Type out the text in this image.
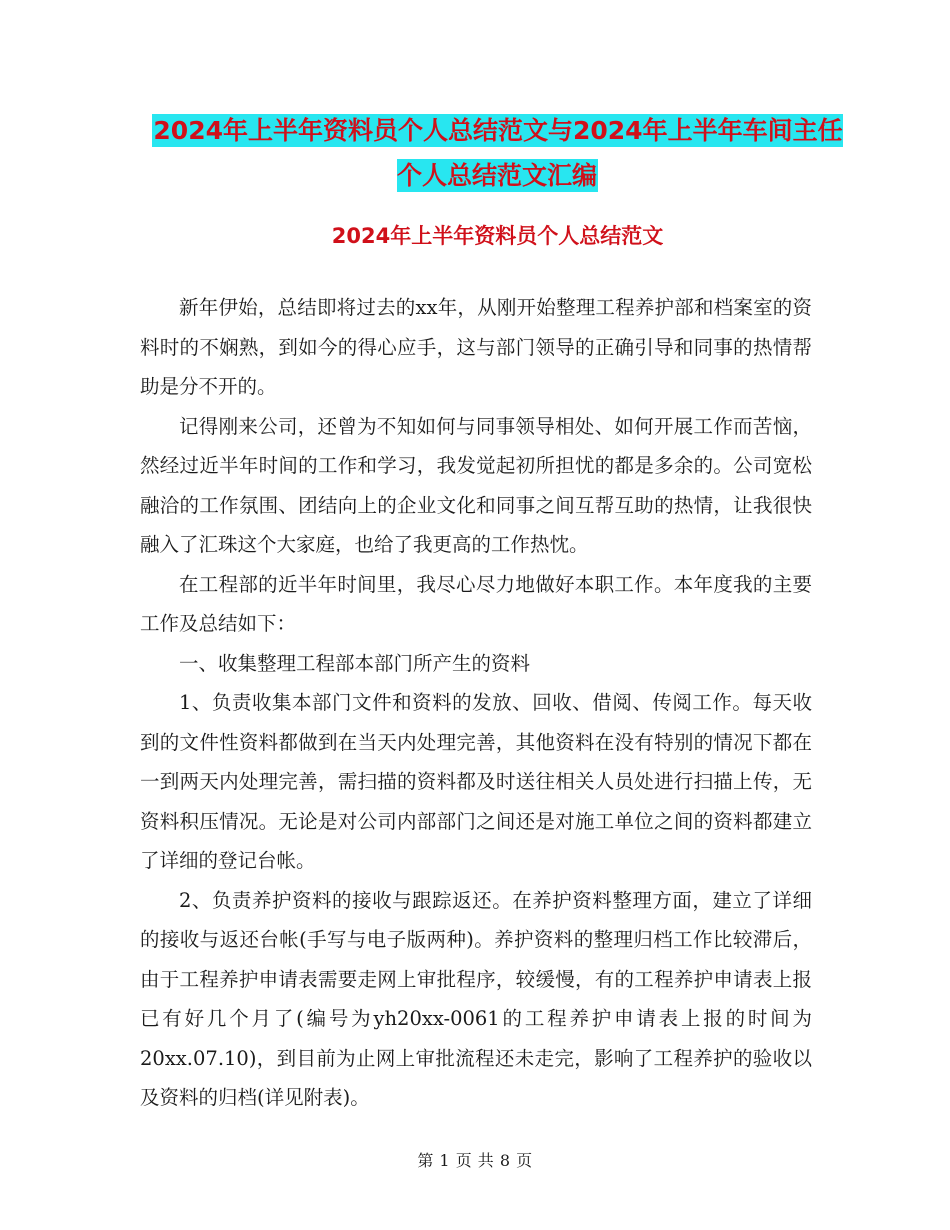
2024年上半年资料员个人总结范文与2024年上半年车间主任个人总结范文汇编
2024年上半年资料员个人总结范文

新年伊始，总结即将过去的xx年，从刚开始整理工程养护部和档案室的资料时的不娴熟，到如今的得心应手，这与部门领导的正确引导和同事的热情帮助是分不开的。

记得刚来公司，还曾为不知如何与同事领导相处、如何开展工作而苦恼，然经过近半年时间的工作和学习，我发觉起初所担忧的都是多余的。公司宽松融洽的工作氛围、团结向上的企业文化和同事之间互帮互助的热情，让我很快融入了汇珠这个大家庭，也给了我更高的工作热忱。

在工程部的近半年时间里，我尽心尽力地做好本职工作。本年度我的主要工作及总结如下：

一、收集整理工程部本部门所产生的资料

1、负责收集本部门文件和资料的发放、回收、借阅、传阅工作。每天收到的文件性资料都做到在当天内处理完善，其他资料在没有特别的情况下都在一到两天内处理完善，需扫描的资料都及时送往相关人员处进行扫描上传，无资料积压情况。无论是对公司内部部门之间还是对施工单位之间的资料都建立了详细的登记台帐。

2、负责养护资料的接收与跟踪返还。在养护资料整理方面，建立了详细的接收与返还台帐(手写与电子版两种)。养护资料的整理归档工作比较滞后，由于工程养护申请表需要走网上审批程序，较缓慢，有的工程养护申请表上报已有好几个月了(编号为yh20xx-0061的工程养护申请表上报的时间为20xx.07.10)，到目前为止网上审批流程还未走完，影响了工程养护的验收以及资料的归档(详见附表)。

第 1 页 共 8 页
